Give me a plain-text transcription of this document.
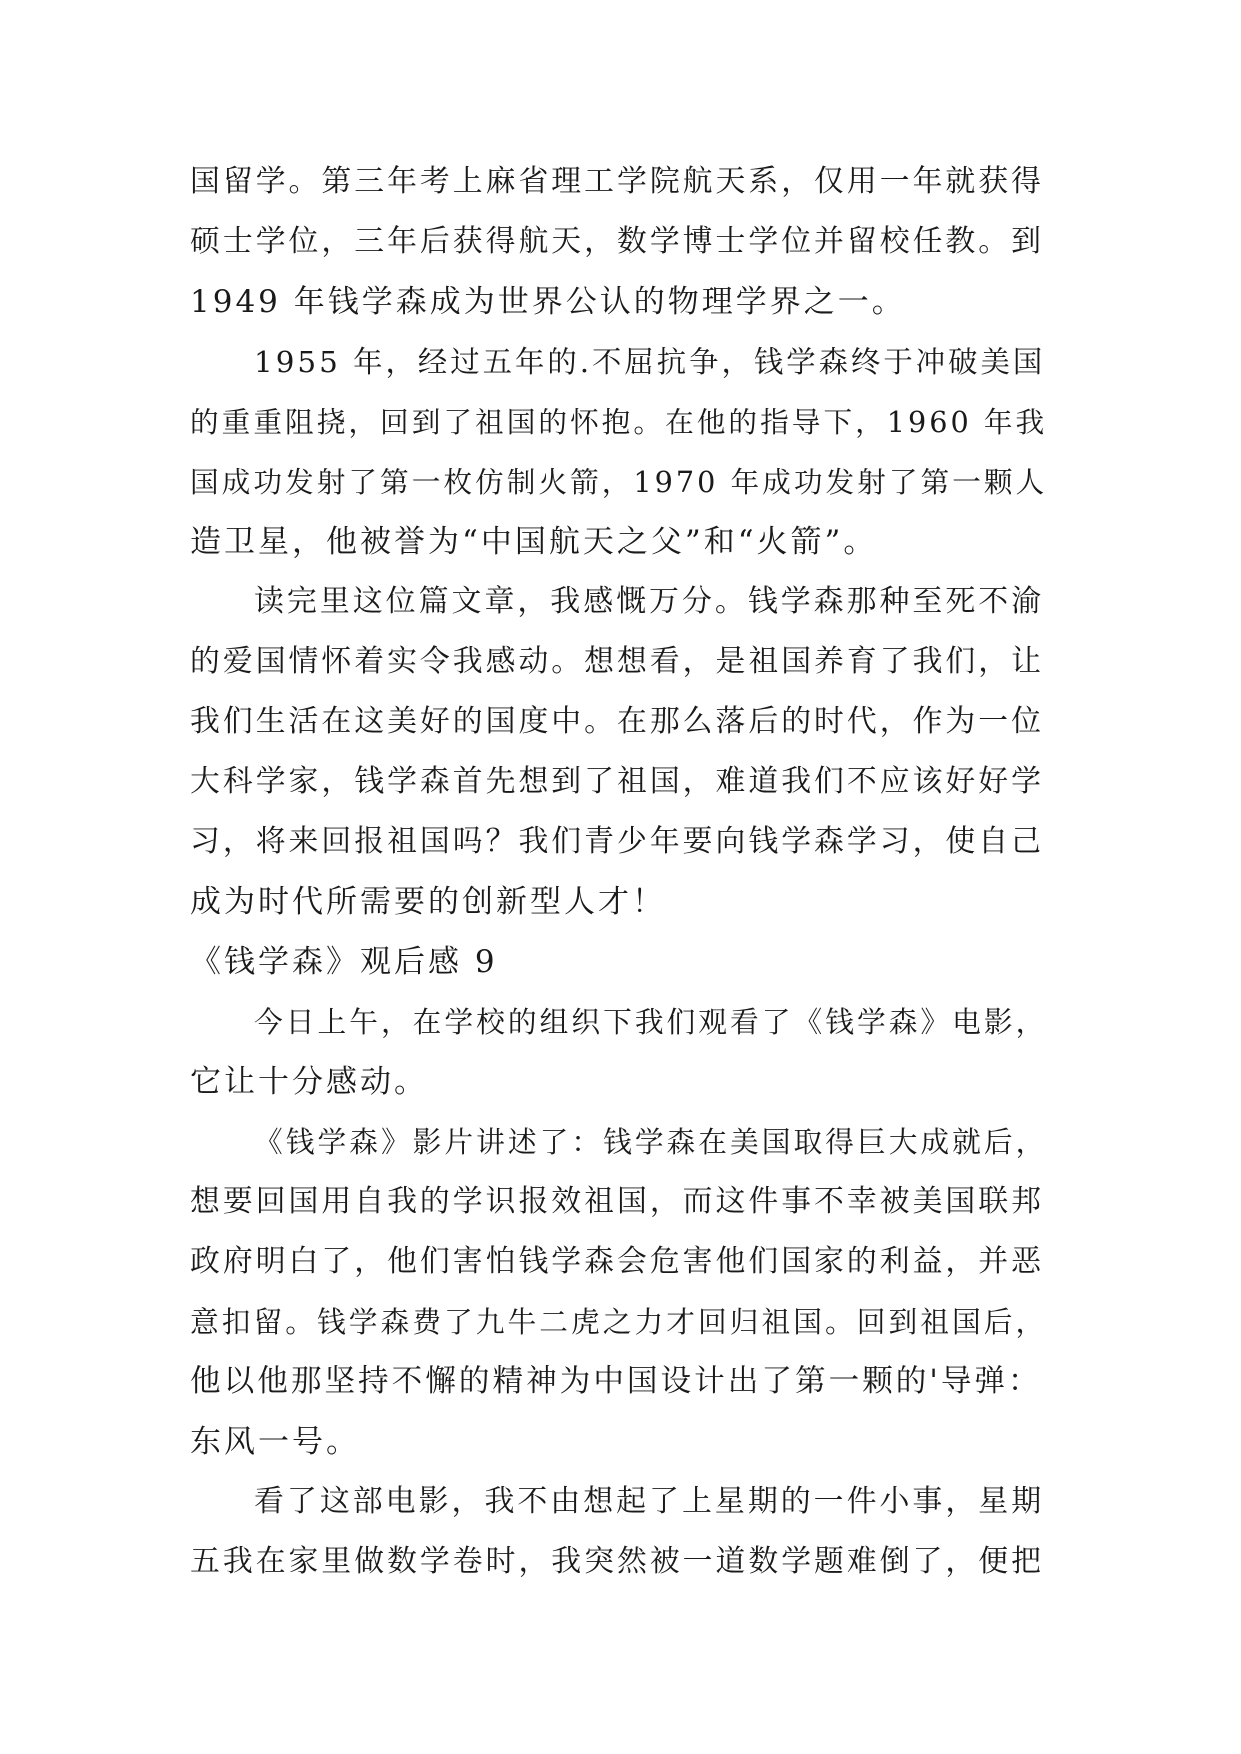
国留学。第三年考上麻省理工学院航天系，仅用一年就获得
硕士学位，三年后获得航天，数学博士学位并留校任教。到
1949 年钱学森成为世界公认的物理学界之一。
1955 年，经过五年的.不屈抗争，钱学森终于冲破美国
的重重阻挠，回到了祖国的怀抱。在他的指导下，1960 年我
国成功发射了第一枚仿制火箭，1970 年成功发射了第一颗人
造卫星，他被誉为“中国航天之父”和“火箭”。
读完里这位篇文章，我感慨万分。钱学森那种至死不渝
的爱国情怀着实令我感动。想想看，是祖国养育了我们，让
我们生活在这美好的国度中。在那么落后的时代，作为一位
大科学家，钱学森首先想到了祖国，难道我们不应该好好学
习，将来回报祖国吗？我们青少年要向钱学森学习，使自己
成为时代所需要的创新型人才！
《钱学森》观后感 9
今日上午，在学校的组织下我们观看了《钱学森》电影，
它让十分感动。
《钱学森》影片讲述了：钱学森在美国取得巨大成就后，
想要回国用自我的学识报效祖国，而这件事不幸被美国联邦
政府明白了，他们害怕钱学森会危害他们国家的利益，并恶
意扣留。钱学森费了九牛二虎之力才回归祖国。回到祖国后，
他以他那坚持不懈的精神为中国设计出了第一颗的'导弹：
东风一号。
看了这部电影，我不由想起了上星期的一件小事，星期
五我在家里做数学卷时，我突然被一道数学题难倒了，便把
